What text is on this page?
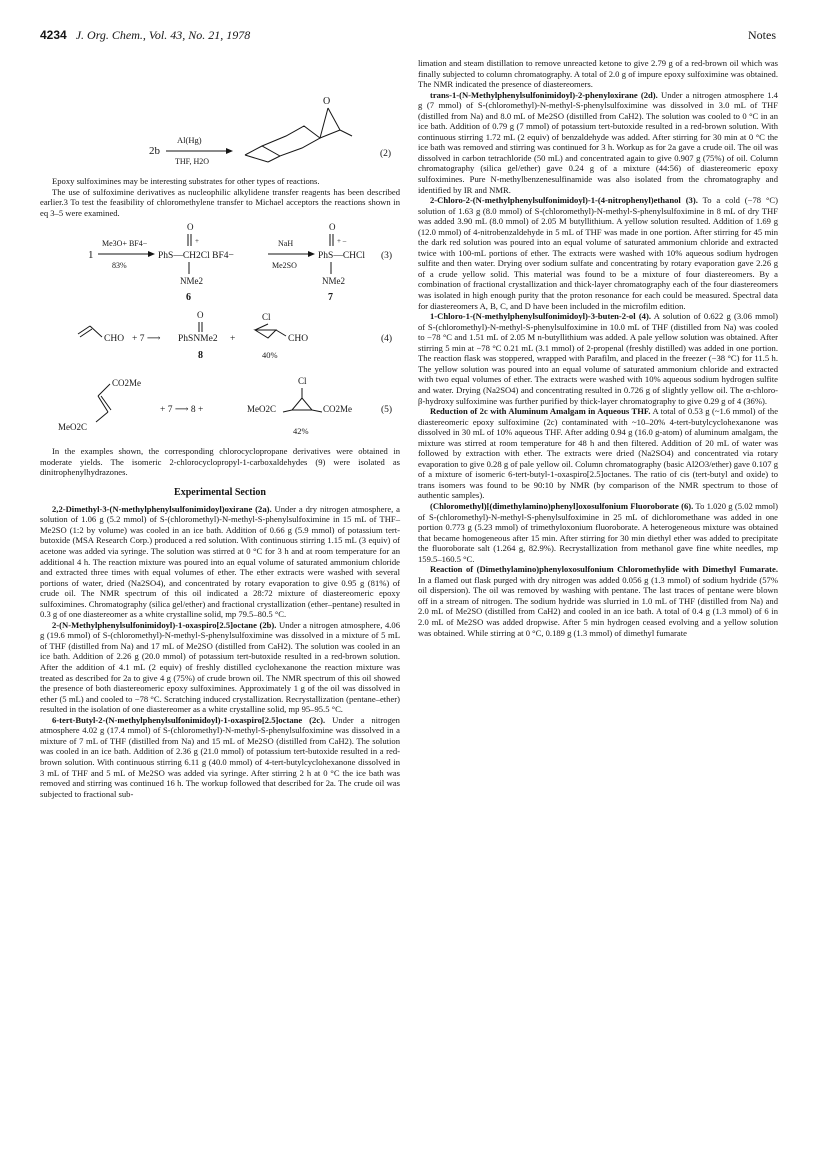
4234 J. Org. Chem., Vol. 43, No. 21, 1978	Notes
2b
Al(Hg)
THF, H2O
O
(2)

Epoxy sulfoximines may be interesting substrates for other types of reactions.

The use of sulfoximine derivatives as nucleophilic alkylidene transfer reagents has been described earlier.3 To test the feasibility of chloromethylene transfer to Michael acceptors the reactions shown in eq 3–5 were examined.

1
Me3O+ BF4−
83%
O
+
PhS—CH2Cl BF4−
NMe2
6
NaH
Me2SO
O
+ –
PhS—CHCl
NMe2
7
(3)
CHO + 7 ⟶
O
PhSNMe2
8
+
Cl
CHO
40%
(4)
CO2Me
MeO2C
+ 7 ⟶ 8 +
Cl
MeO2C	CO2Me
42%
(5)

In the examples shown, the corresponding chlorocyclopropane derivatives were obtained in moderate yields. The isomeric 2-chlorocyclopropyl-1-carboxaldehydes (9) were isolated as dinitrophenylhydrazones.

Experimental Section

2,2-Dimethyl-3-(N-methylphenylsulfonimidoyl)oxirane (2a). Under a dry nitrogen atmosphere, a solution of 1.06 g (5.2 mmol) of S-(chloromethyl)-N-methyl-S-phenylsulfoximine in 15 mL of THF–Me2SO (1:2 by volume) was cooled in an ice bath. Addition of 0.66 g (5.9 mmol) of potassium tert-butoxide (MSA Research Corp.) produced a red solution. With continuous stirring 1.15 mL (3 equiv) of acetone was added via syringe. The solution was stirred at 0 °C for 3 h and at room temperature for an additional 4 h. The reaction mixture was poured into an equal volume of saturated ammonium chloride and extracted three times with equal volumes of ether. The ether extracts were washed with several portions of water, dried (Na2SO4), and concentrated by rotary evaporation to give 0.95 g (81%) of crude oil. The NMR spectrum of this oil indicated a 28:72 mixture of diastereomeric epoxy sulfoximines. Chromatography (silica gel/ether) and fractional crystallization (ether–pentane) resulted in 0.3 g of one diastereomer as a white crystalline solid, mp 79.5–80.5 °C.

2-(N-Methylphenylsulfonimidoyl)-1-oxaspiro[2.5]octane (2b). Under a nitrogen atmosphere, 4.06 g (19.6 mmol) of S-(chloromethyl)-N-methyl-S-phenylsulfoximine was dissolved in a mixture of 5 mL of THF (distilled from Na) and 17 mL of Me2SO (distilled from CaH2). The solution was cooled in an ice bath. Addition of 2.26 g (20.0 mmol) of potassium tert-butoxide resulted in a red-brown solution. After the addition of 4.1 mL (2 equiv) of freshly distilled cyclohexanone the reaction mixture was treated as described for 2a to give 4 g (75%) of crude brown oil. The NMR spectrum of this oil showed the presence of both diastereomeric epoxy sulfoximines. Approximately 1 g of the oil was dissolved in ether (5 mL) and cooled to −78 °C. Scratching induced crystallization. Recrystallization (pentane–ether) resulted in the isolation of one diastereomer as a white crystalline solid, mp 95–95.5 °C.

6-tert-Butyl-2-(N-methylphenylsulfonimidoyl)-1-oxaspiro[2.5]octane (2c). Under a nitrogen atmosphere 4.02 g (17.4 mmol) of S-(chloromethyl)-N-methyl-S-phenylsulfoximine was dissolved in a mixture of 7 mL of THF (distilled from Na) and 15 mL of Me2SO (distilled from CaH2). The solution was cooled in an ice bath. Addition of 2.36 g (21.0 mmol) of potassium tert-butoxide resulted in a red-brown solution. With continuous stirring 6.11 g (40.0 mmol) of 4-tert-butylcyclohexanone dissolved in 3 mL of THF and 5 mL of Me2SO was added via syringe. After stirring 2 h at 0 °C the ice bath was removed and stirring was continued 16 h. The workup followed that described for 2a. The crude oil was subjected to fractional sub-

limation and steam distillation to remove unreacted ketone to give 2.79 g of a red-brown oil which was finally subjected to column chromatography. A total of 2.0 g of impure epoxy sulfoximine was obtained. The NMR indicated the presence of diastereomers.

trans-1-(N-Methylphenylsulfonimidoyl)-2-phenyloxirane (2d). Under a nitrogen atmosphere 1.4 g (7 mmol) of S-(chloromethyl)-N-methyl-S-phenylsulfoximine was dissolved in 3.0 mL of THF (distilled from Na) and 8.0 mL of Me2SO (distilled from CaH2). The solution was cooled to 0 °C in an ice bath. Addition of 0.79 g (7 mmol) of potassium tert-butoxide resulted in a red-brown solution. With continuous stirring 1.72 mL (2 equiv) of benzaldehyde was added. After stirring for 30 min at 0 °C the ice bath was removed and stirring was continued for 3 h. Workup as for 2a gave a crude oil. The oil was dissolved in carbon tetrachloride (50 mL) and concentrated again to give 0.907 g (75%) of oil. Column chromatography (silica gel/ether) gave 0.24 g of a mixture (44:56) of diastereomeric epoxy sulfoximines. Pure N-methylbenzenesulfinamide was also isolated from the chromatography and identified by IR and NMR.

2-Chloro-2-(N-methylphenylsulfonimidoyl)-1-(4-nitrophenyl)ethanol (3). To a cold (−78 °C) solution of 1.63 g (8.0 mmol) of S-(chloromethyl)-N-methyl-S-phenylsulfoximine in 8 mL of dry THF was added 3.90 mL (8.0 mmol) of 2.05 M butyllithium. A yellow solution resulted. Addition of 1.69 g (12.0 mmol) of 4-nitrobenzaldehyde in 5 mL of THF was made in one portion. After stirring for 45 min the dark red solution was poured into an equal volume of saturated ammonium chloride and extracted twice with 100-mL portions of ether. The extracts were washed with 10% aqueous sodium hydrogen sulfite and then water. Drying over sodium sulfate and concentrating by rotary evaporation gave 2.26 g of a crude yellow solid. This material was found to be a mixture of four diastereomers. By a combination of fractional crystallization and thick-layer chromatography each of the four diastereomers was isolated in high enough purity that the proton resonance for each could be measured. Spectral data for diastereomers A, B, C, and D have been included in the microfilm edition.

1-Chloro-1-(N-methylphenylsulfonimidoyl)-3-buten-2-ol (4). A solution of 0.622 g (3.06 mmol) of S-(chloromethyl)-N-methyl-S-phenylsulfoximine in 10.0 mL of THF (distilled from Na) was cooled to −78 °C and 1.51 mL of 2.05 M n-butyllithium was added. A pale yellow solution was obtained. After stirring 5 min at −78 °C 0.21 mL (3.1 mmol) of 2-propenal (freshly distilled) was added in one portion. The reaction flask was stoppered, wrapped with Parafilm, and placed in the freezer (−38 °C) for 11.5 h. The yellow solution was poured into an equal volume of saturated ammonium chloride and extracted with two equal volumes of ether. The extracts were washed with 10% aqueous sodium hydrogen sulfite and water. Drying (Na2SO4) and concentrating resulted in 0.726 g of slightly yellow oil. The α-chloro-β-hydroxy sulfoximine was further purified by thick-layer chromatography to give 0.29 g of 4 (36%).

Reduction of 2c with Aluminum Amalgam in Aqueous THF. A total of 0.53 g (~1.6 mmol) of the diastereomeric epoxy sulfoximine (2c) contaminated with ~10–20% 4-tert-butylcyclohexanone was dissolved in 30 mL of 10% aqueous THF. After adding 0.94 g (16.0 g-atom) of aluminum amalgam, the mixture was stirred at room temperature for 48 h and then filtered. Addition of 20 mL of water was followed by extraction with ether. The extracts were dried (Na2SO4) and concentrated via rotary evaporation to give 0.28 g of pale yellow oil. Column chromatography (basic Al2O3/ether) gave 0.107 g of a mixture of isomeric 6-tert-butyl-1-oxaspiro[2.5]octanes. The ratio of cis (tert-butyl and oxide) to trans isomers was found to be 90:10 by NMR (by comparison of the NMR spectrum to those of authentic samples).

(Chloromethyl)[(dimethylamino)phenyl]oxosulfonium Fluoroborate (6). To 1.020 g (5.02 mmol) of S-(chloromethyl)-N-methyl-S-phenylsulfoximine in 25 mL of dichloromethane was added in one portion 0.773 g (5.23 mmol) of trimethyloxonium fluoroborate. A heterogeneous mixture was obtained that became homogeneous after 15 min. After stirring for 30 min diethyl ether was added to precipitate the fluoroborate salt (1.264 g, 82.9%). Recrystallization from methanol gave fine white needles, mp 159.5–160.5 °C.

Reaction of (Dimethylamino)phenyloxosulfonium Chloromethylide with Dimethyl Fumarate. In a flamed out flask purged with dry nitrogen was added 0.056 g (1.3 mmol) of sodium hydride (57% oil dispersion). The oil was removed by washing with pentane. The last traces of pentane were blown off in a stream of nitrogen. The sodium hydride was slurried in 1.0 mL of THF (distilled from Na) and 2.0 mL of Me2SO (distilled from CaH2) and cooled in an ice bath. A total of 0.4 g (1.3 mmol) of 6 in 2.0 mL of Me2SO was added dropwise. After 5 min hydrogen ceased evolving and a yellow solution was obtained. While stirring at 0 °C, 0.189 g (1.3 mmol) of dimethyl fumarate
